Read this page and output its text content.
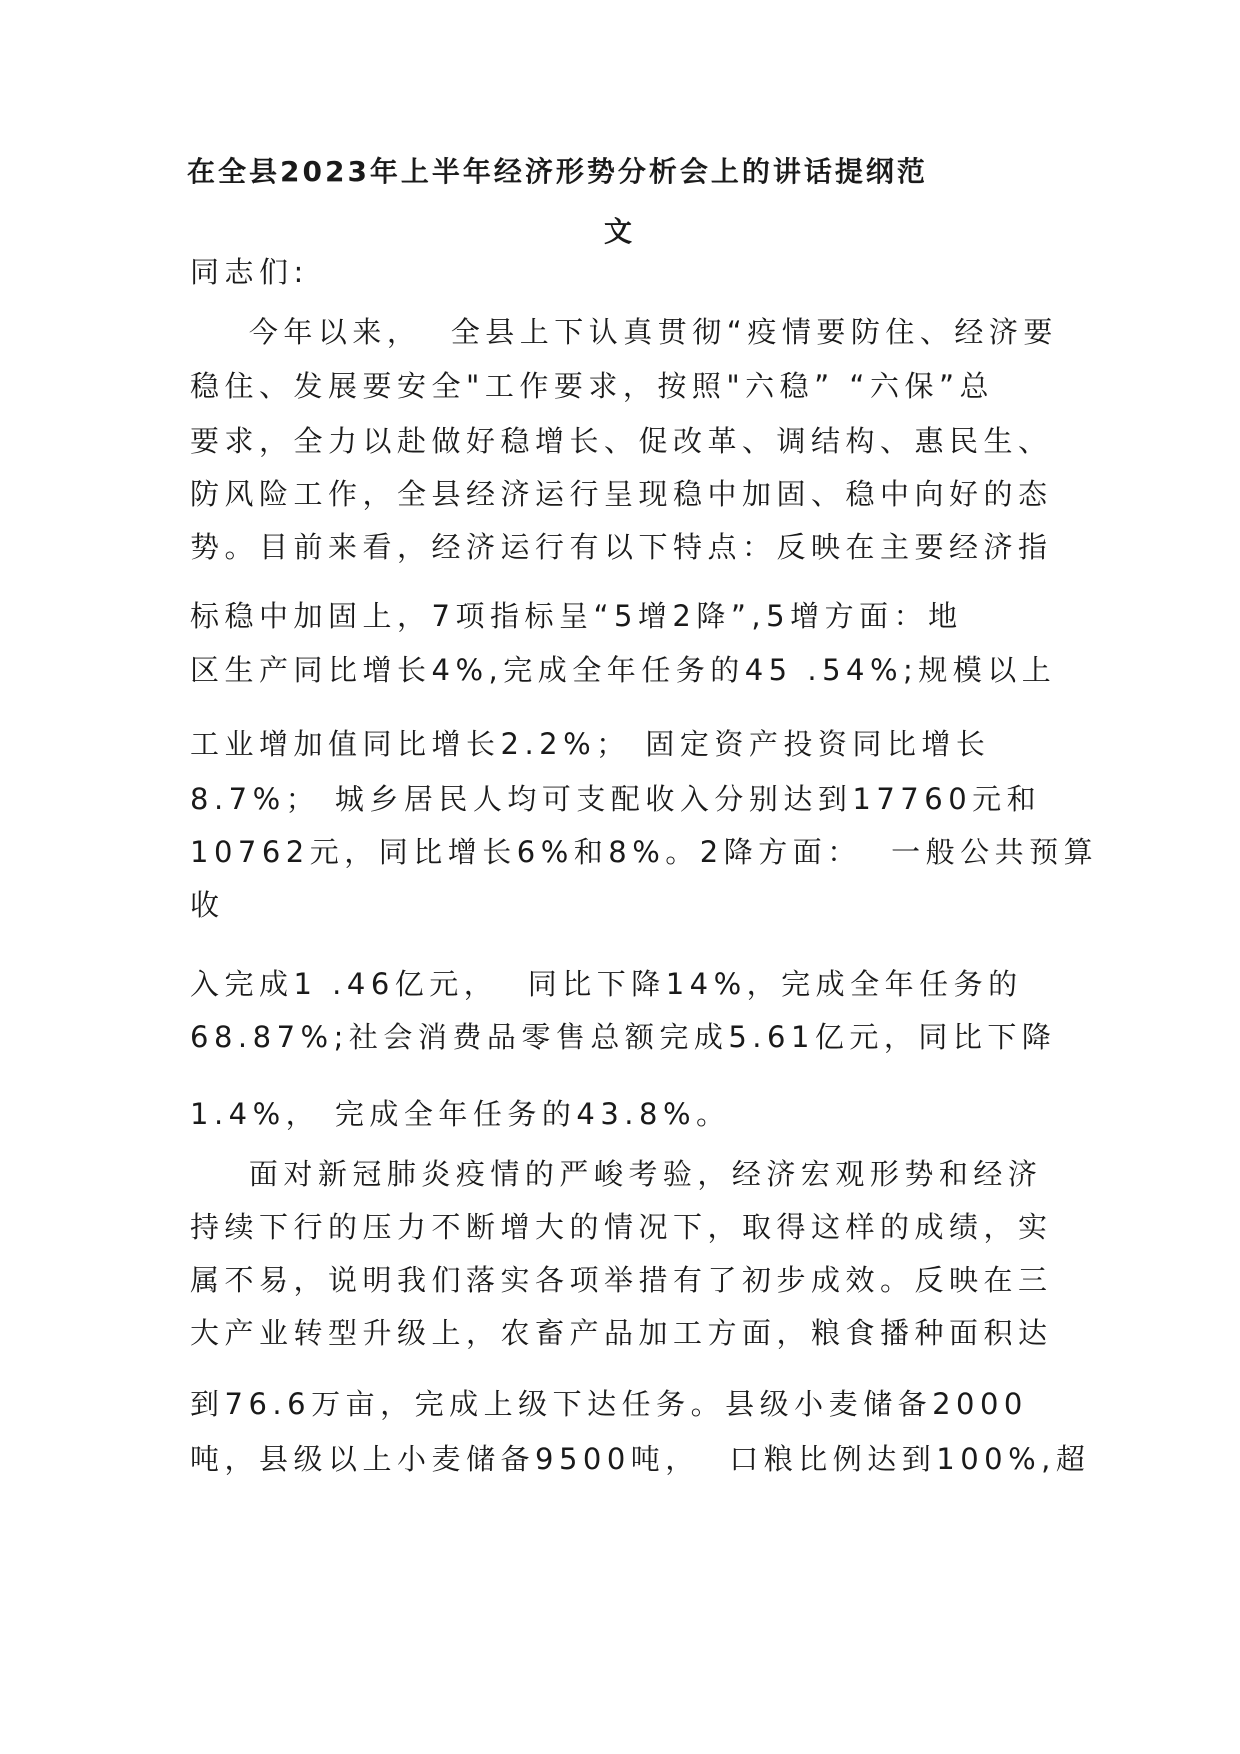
在全县2023年上半年经济形势分析会上的讲话提纲范
文
同志们:
今年以来，  全县上下认真贯彻“疫情要防住、经济要
稳住、发展要安全"工作要求，按照"六稳” “六保”总
要求，全力以赴做好稳增长、促改革、调结构、惠民生、
防风险工作，全县经济运行呈现稳中加固、稳中向好的态
势。目前来看，经济运行有以下特点：反映在主要经济指
标稳中加固上，7项指标呈“5增2降”,5增方面：地
区生产同比增长4%,完成全年任务的45 .54%;规模以上
工业增加值同比增长2.2%； 固定资产投资同比增长
8.7%； 城乡居民人均可支配收入分别达到17760元和
10762元，同比增长6%和8%。2降方面：  一般公共预算
收
入完成1 .46亿元，  同比下降14%，完成全年任务的
68.87%;社会消费品零售总额完成5.61亿元，同比下降
1.4%， 完成全年任务的43.8%。
面对新冠肺炎疫情的严峻考验，经济宏观形势和经济
持续下行的压力不断增大的情况下，取得这样的成绩，实
属不易，说明我们落实各项举措有了初步成效。反映在三
大产业转型升级上，农畜产品加工方面，粮食播种面积达
到76.6万亩，完成上级下达任务。县级小麦储备2000
吨，县级以上小麦储备9500吨，  口粮比例达到100%,超
